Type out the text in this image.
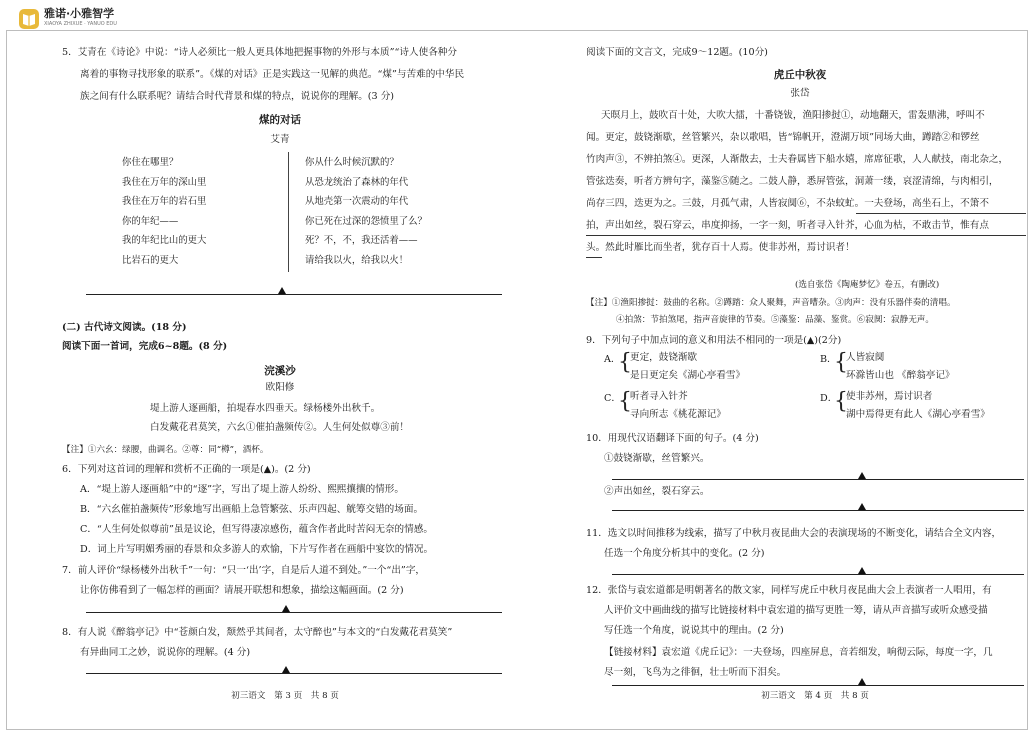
雅诺·小雅智学
XIAOYA ZHIXUE · YANUO EDU
5．艾青在《诗论》中说：“诗人必须比一般人更具体地把握事物的外形与本质”“诗人使各种分
离着的事物寻找形象的联系”。《煤的对话》正是实践这一见解的典范。“煤”与苦难的中华民
族之间有什么联系呢？请结合时代背景和煤的特点，说说你的理解。(3 分)
煤的对话
艾青
你住在哪里？
我住在万年的深山里
我住在万年的岩石里
你的年纪——
我的年纪比山的更大
比岩石的更大
你从什么时候沉默的？
从恐龙统治了森林的年代
从地壳第一次震动的年代
你已死在过深的怨愤里了么？
死？不，不，我还活着——
请给我以火，给我以火！
(二) 古代诗文阅读。(18 分)
阅读下面一首词，完成6~8题。(8 分)
浣溪沙
欧阳修
堤上游人逐画船，拍堤春水四垂天。绿杨楼外出秋千。
白发戴花君莫笑，六幺①催拍盏频传②。人生何处似尊③前！
【注】①六幺：绿腰，曲调名。②尊：同“樽”，酒杯。
6．下列对这首词的理解和赏析不正确的一项是(▲)。(2 分)
A．“堤上游人逐画船”中的“逐”字，写出了堤上游人纷纷、熙熙攘攘的情形。
B．“六幺催拍盏频传”形象地写出画船上急管繁弦、乐声四起、觥筹交错的场面。
C．“人生何处似尊前”虽是议论，但写得凄凉感伤，蕴含作者此时苦闷无奈的情感。
D．词上片写明媚秀丽的春景和众多游人的欢愉，下片写作者在画船中宴饮的情况。
7．前人评价“绿杨楼外出秋千”一句：“只一‘出’字，自是后人道不到处。”一个“出”字，
让你仿佛看到了一幅怎样的画面？请展开联想和想象，描绘这幅画面。(2 分)
8．有人说《醉翁亭记》中“苍颜白发，颓然乎其间者，太守醉也”与本文的“白发戴花君莫笑”
有异曲同工之妙，说说你的理解。(4 分)
初三语文　第 3 页　共 8 页
阅读下面的文言文，完成9～12题。(10分)
虎丘中秋夜
张岱
天暝月上，鼓吹百十处，大吹大擂，十番铙钹，渔阳掺挝①，动地翻天，雷轰鼎沸，呼叫不
闻。更定，鼓铙渐歇，丝管繁兴，杂以歌唱，皆“锦帆开，澄湖万顷”同场大曲，蹲踏②和锣丝
竹肉声③，不辨拍煞④。更深，人渐散去，士夫眷属皆下船水嬉，席席征歌，人人献技，南北杂之，
管弦迭奏，听者方辨句字，藻鉴⑤随之。二鼓人静，悉屏管弦，洞萧一缕，哀涩清绵，与肉相引，
尚存三四，迭更为之。三鼓，月孤气肃，人皆寂阒⑥，不杂蚊虻。一夫登场，高坐石上，不箫不
拍，声出如丝，裂石穿云，串度抑扬，一字一刻，听者寻入针芥，心血为枯，不敢击节，惟有点
头。然此时雁比而坐者，犹存百十人焉。使非苏州，焉讨识者！
(选自张岱《陶庵梦忆》卷五，有删改)
【注】①渔阳掺挝：鼓曲的名称。②蹲踏：众人聚舞，声音嘈杂。③肉声：没有乐器伴奏的清唱。
④拍煞：节拍煞尾，指声音旋律的节奏。⑤藻鉴：品藻、鉴赏。⑥寂阒：寂静无声。
9．下列句子中加点词的意义和用法不相同的一项是(▲)(2分)
A．
{
更定，鼓铙渐歇
是日更定矣《湖心亭看雪》
B．
{
人皆寂阒
环滁皆山也 《醉翁亭记》
C．
{
听者寻入针芥
寻向所志《桃花源记》
D．
{
使非苏州，焉讨识者
湖中焉得更有此人《湖心亭看雪》
10．用现代汉语翻译下面的句子。(4 分)
①鼓铙渐歇，丝管繁兴。
②声出如丝，裂石穿云。
11．选文以时间推移为线索，描写了中秋月夜昆曲大会的表演现场的不断变化，请结合全文内容，
任选一个角度分析其中的变化。(2 分)
12．张岱与袁宏道都是明朝著名的散文家，同样写虎丘中秋月夜昆曲大会上表演者一人唱用，有
人评价文中画曲线的描写比链接材料中袁宏道的描写更胜一筹，请从声音描写或听众感受描
写任选一个角度，说说其中的理由。(2 分)
【链接材料】袁宏道《虎丘记》：一夫登场，四座屏息，音若细发，响彻云际，每度一字，几
尽一刻，飞鸟为之徘徊，壮士听而下泪矣。
初三语文　第 4 页　共 8 页
